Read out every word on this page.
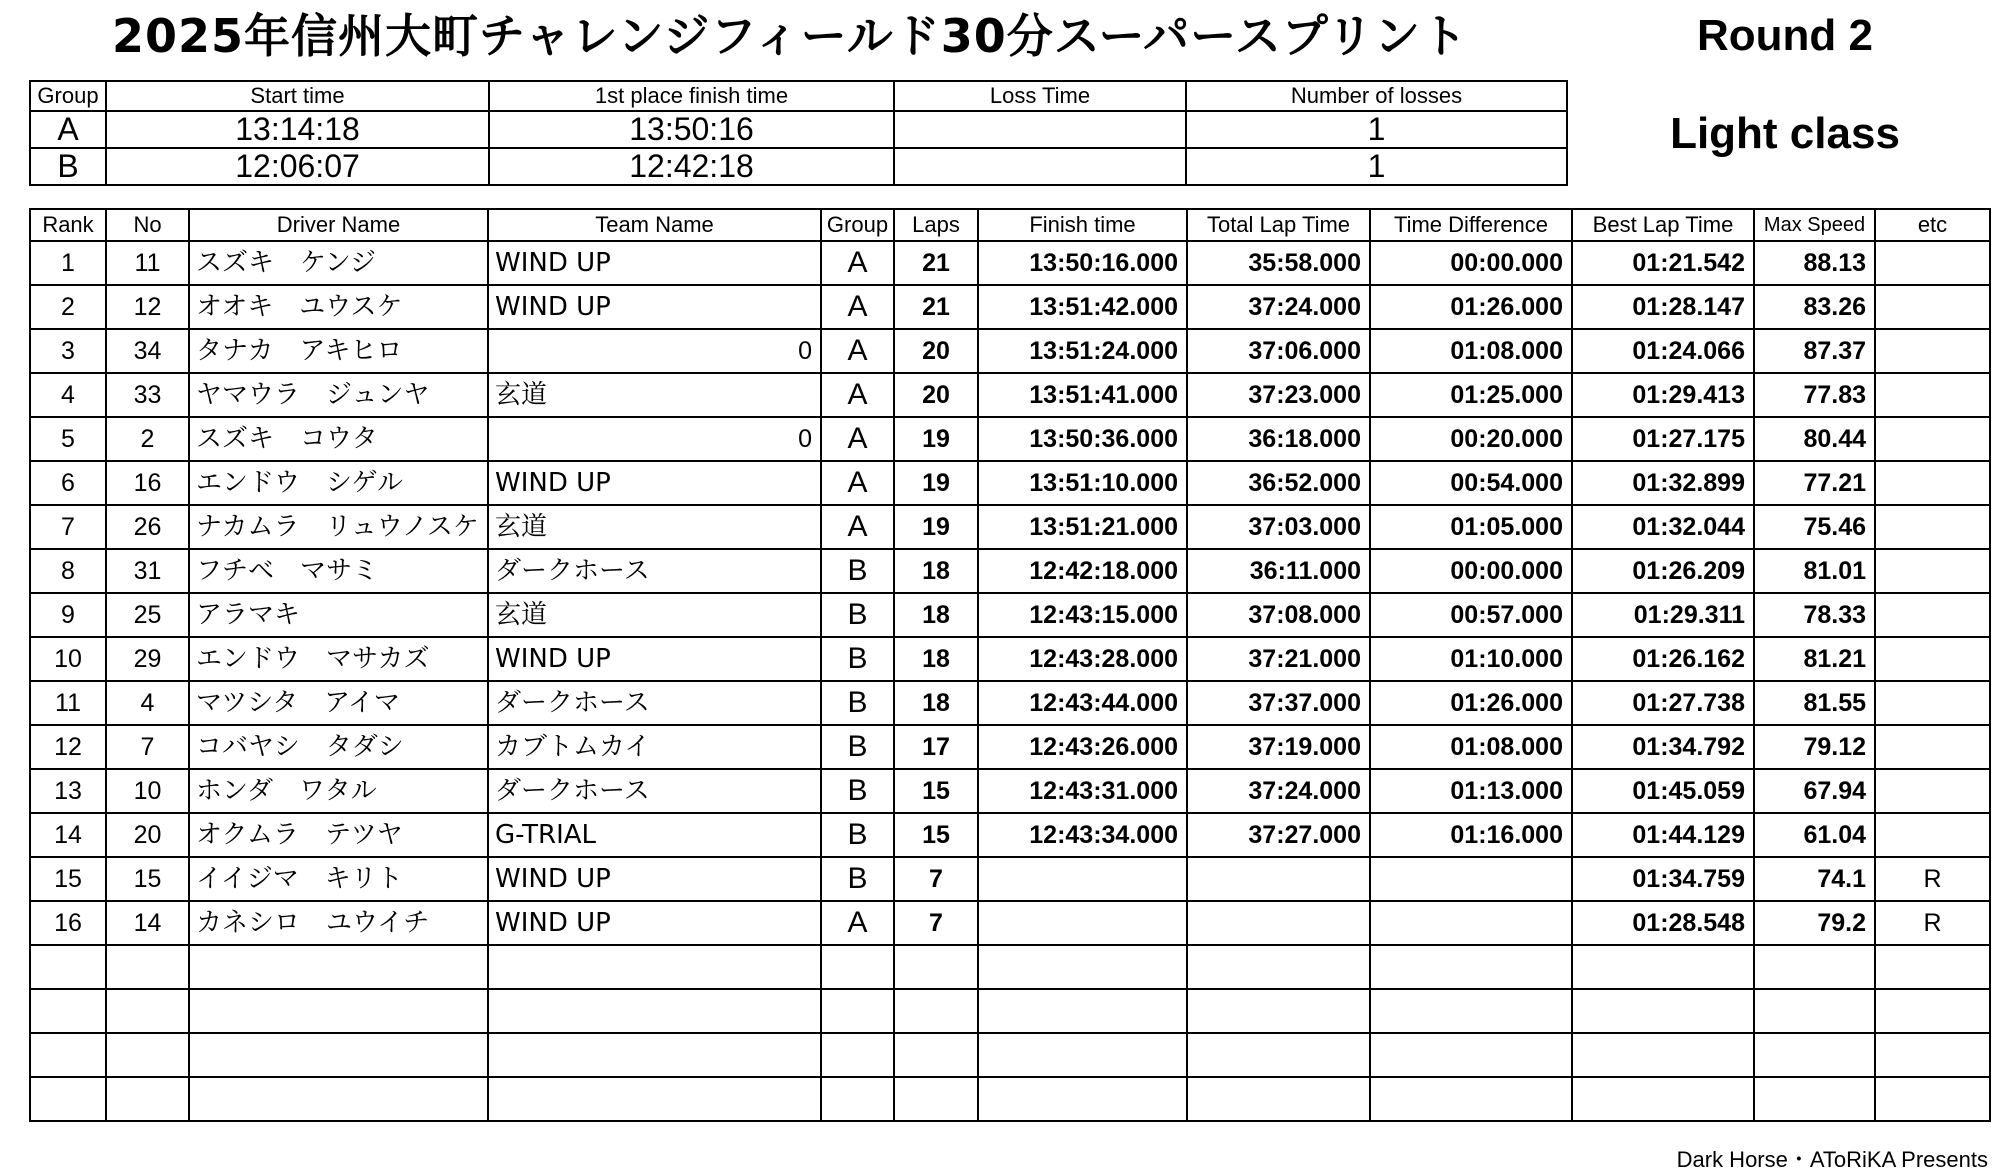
2025年信州大町チャレンジフィールド30分スーパースプリント	Round 2
Light class
Group	Start time	1st place finish time	Loss Time	Number of losses
A	13:14:18	13:50:16		1
B	12:06:07	12:42:18		1
Rank	No	Driver Name	Team Name	Group	Laps	Finish time	Total Lap Time	Time Difference	Best Lap Time	Max Speed	etc
1	11	スズキ　ケンジ	WIND UP	A	21	13:50:16.000	35:58.000	00:00.000	01:21.542	88.13	
2	12	オオキ　ユウスケ	WIND UP	A	21	13:51:42.000	37:24.000	01:26.000	01:28.147	83.26	
3	34	タナカ　アキヒロ	0	A	20	13:51:24.000	37:06.000	01:08.000	01:24.066	87.37	
4	33	ヤマウラ　ジュンヤ	玄道	A	20	13:51:41.000	37:23.000	01:25.000	01:29.413	77.83	
5	2	スズキ　コウタ	0	A	19	13:50:36.000	36:18.000	00:20.000	01:27.175	80.44	
6	16	エンドウ　シゲル	WIND UP	A	19	13:51:10.000	36:52.000	00:54.000	01:32.899	77.21	
7	26	ナカムラ　リュウノスケ	玄道	A	19	13:51:21.000	37:03.000	01:05.000	01:32.044	75.46	
8	31	フチベ　マサミ	ダークホース	B	18	12:42:18.000	36:11.000	00:00.000	01:26.209	81.01	
9	25	アラマキ	玄道	B	18	12:43:15.000	37:08.000	00:57.000	01:29.311	78.33	
10	29	エンドウ　マサカズ	WIND UP	B	18	12:43:28.000	37:21.000	01:10.000	01:26.162	81.21	
11	4	マツシタ　アイマ	ダークホース	B	18	12:43:44.000	37:37.000	01:26.000	01:27.738	81.55	
12	7	コバヤシ　タダシ	カブトムカイ	B	17	12:43:26.000	37:19.000	01:08.000	01:34.792	79.12	
13	10	ホンダ　ワタル	ダークホース	B	15	12:43:31.000	37:24.000	01:13.000	01:45.059	67.94	
14	20	オクムラ　テツヤ	G-TRIAL	B	15	12:43:34.000	37:27.000	01:16.000	01:44.129	61.04	
15	15	イイジマ　キリト	WIND UP	B	7				01:34.759	74.1	R
16	14	カネシロ　ユウイチ	WIND UP	A	7				01:28.548	79.2	R

Dark Horse・AToRiKA Presents
